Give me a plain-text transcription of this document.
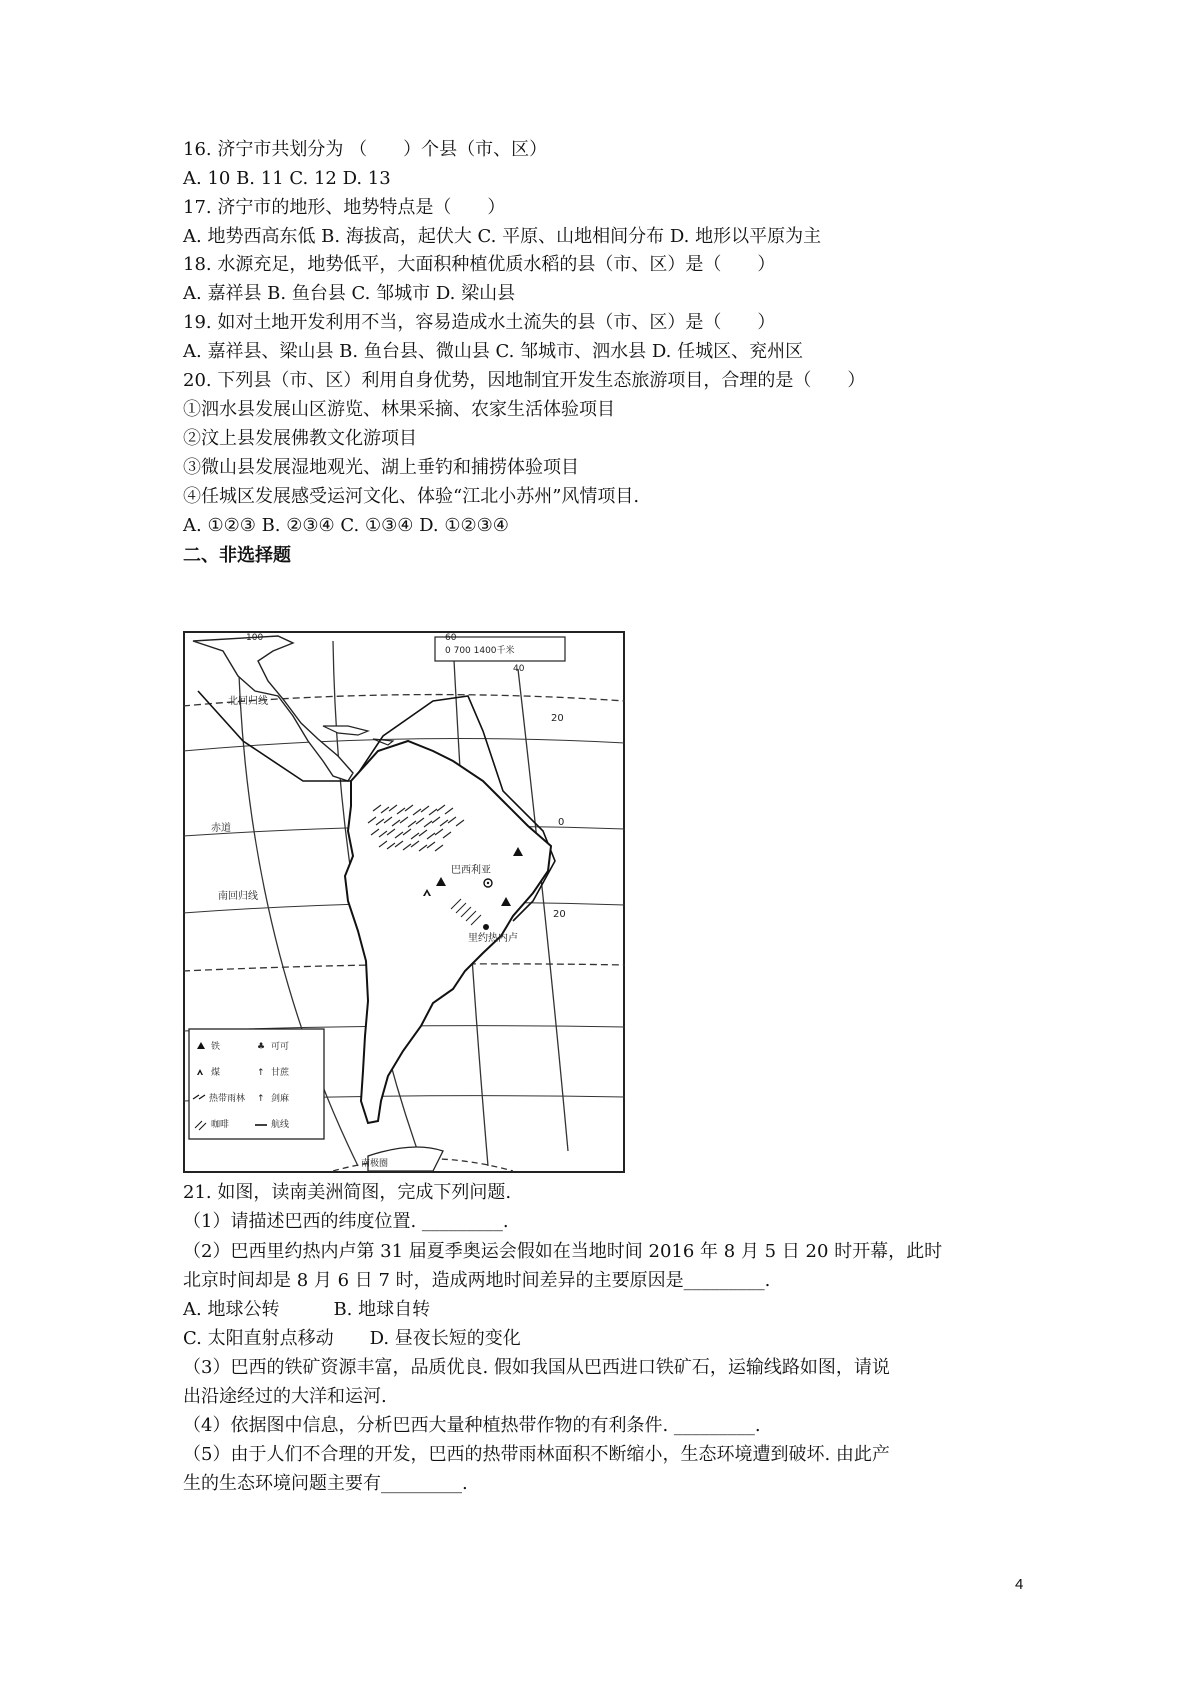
16. 济宁市共划分为 （　　）个县（市、区）
A. 10 B. 11 C. 12 D. 13
17. 济宁市的地形、地势特点是（　　）
A. 地势西高东低 B. 海拔高，起伏大 C. 平原、山地相间分布 D. 地形以平原为主
18. 水源充足，地势低平，大面积种植优质水稻的县（市、区）是（　　）
A. 嘉祥县 B. 鱼台县 C. 邹城市 D. 梁山县
19. 如对土地开发利用不当，容易造成水土流失的县（市、区）是（　　）
A. 嘉祥县、梁山县 B. 鱼台县、微山县 C. 邹城市、泗水县 D. 任城区、兖州区
20. 下列县（市、区）利用自身优势，因地制宜开发生态旅游项目，合理的是（　　）
①泗水县发展山区游览、林果采摘、农家生活体验项目
②汶上县发展佛教文化游项目
③微山县发展湿地观光、湖上垂钓和捕捞体验项目
④任城区发展感受运河文化、体验“江北小苏州”风情项目.
A. ①②③ B. ②③④ C. ①③④ D. ①②③④
二、非选择题
0 700 1400千米
100	60
40
20
0
20
北回归线
赤道
南回归线
南极圈
巴西利亚
里约热内卢
铁
煤
热带雨林
咖啡
♣ 可可
↑ 甘蔗
↑ 剑麻
航线
21. 如图，读南美洲简图，完成下列问题.
（1）请描述巴西的纬度位置. _________.
（2）巴西里约热内卢第 31 届夏季奥运会假如在当地时间 2016 年 8 月 5 日 20 时开幕，此时
北京时间却是 8 月 6 日 7 时，造成两地时间差异的主要原因是_________.
A. 地球公转　　　B. 地球自转
C. 太阳直射点移动　　D. 昼夜长短的变化
（3）巴西的铁矿资源丰富，品质优良. 假如我国从巴西进口铁矿石，运输线路如图，请说
出沿途经过的大洋和运河.
（4）依据图中信息，分析巴西大量种植热带作物的有利条件. _________.
（5）由于人们不合理的开发，巴西的热带雨林面积不断缩小，生态环境遭到破坏. 由此产
生的生态环境问题主要有_________.
4
